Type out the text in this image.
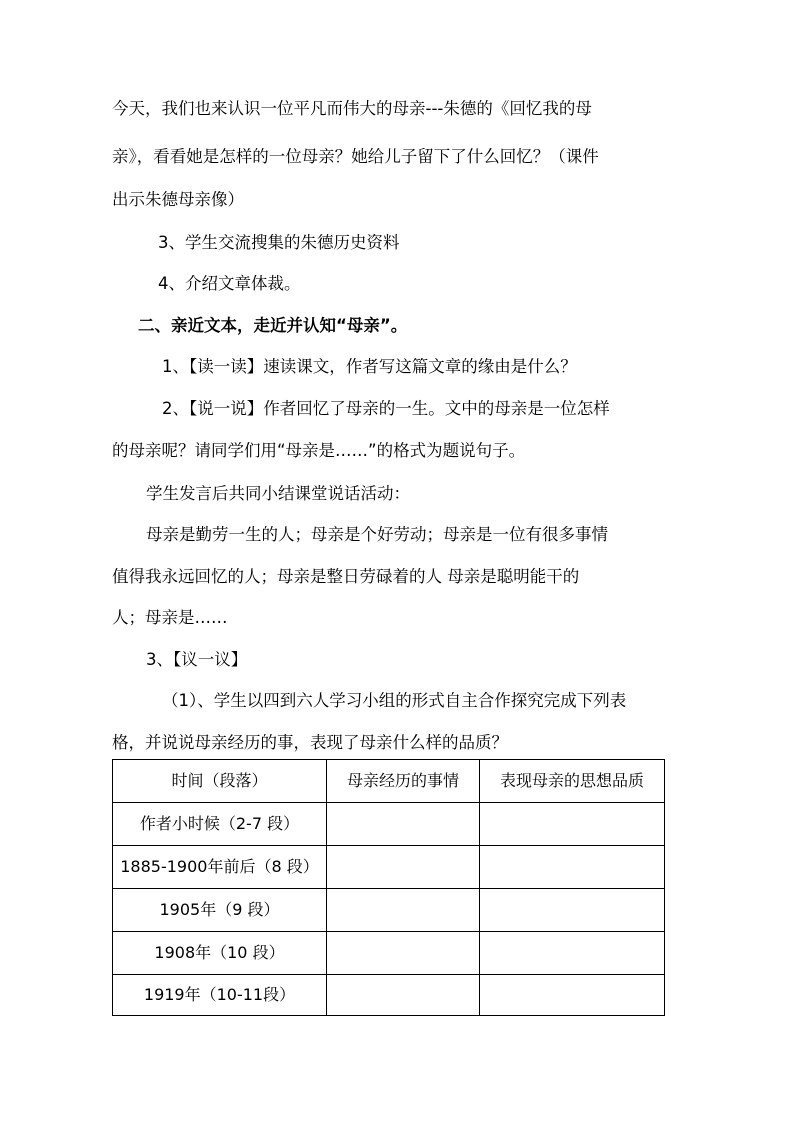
今天，我们也来认识一位平凡而伟大的母亲---朱德的《回忆我的母
亲》，看看她是怎样的一位母亲？她给儿子留下了什么回忆？（课件
出示朱德母亲像）
3、学生交流搜集的朱德历史资料
4、介绍文章体裁。
二、亲近文本，走近并认知“母亲”。
1、【读一读】速读课文，作者写这篇文章的缘由是什么？
2、【说一说】作者回忆了母亲的一生。文中的母亲是一位怎样
的母亲呢？请同学们用“母亲是……”的格式为题说句子。
学生发言后共同小结课堂说话活动：
母亲是勤劳一生的人；母亲是个好劳动；母亲是一位有很多事情
值得我永远回忆的人；母亲是整日劳碌着的人 母亲是聪明能干的
人；母亲是……
3、【议一议】
（1）、学生以四到六人学习小组的形式自主合作探究完成下列表
格，并说说母亲经历的事，表现了母亲什么样的品质？
时间（段落）	母亲经历的事情	表现母亲的思想品质
作者小时候（2-7 段）		
1885-1900年前后（8 段）		
1905年（9 段）		
1908年（10 段）		
1919年（10-11段）		
